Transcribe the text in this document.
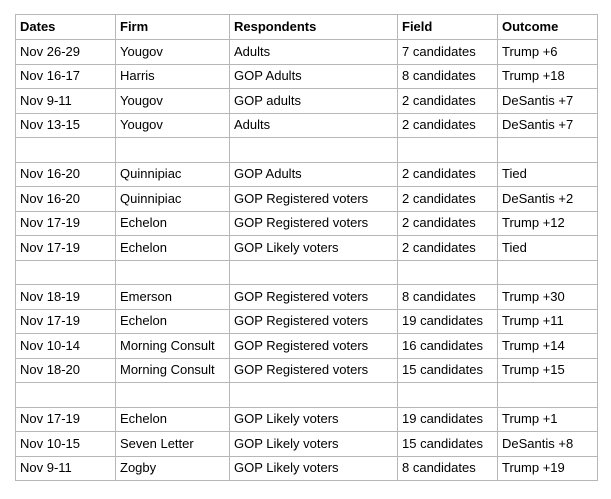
Dates	Firm	Respondents	Field	Outcome
Nov 26-29	Yougov	Adults	7 candidates	Trump +6
Nov 16-17	Harris	GOP Adults	8 candidates	Trump +18
Nov 9-11	Yougov	GOP adults	2 candidates	DeSantis +7
Nov 13-15	Yougov	Adults	2 candidates	DeSantis +7

Nov 16-20	Quinnipiac	GOP Adults	2 candidates	Tied
Nov 16-20	Quinnipiac	GOP Registered voters	2 candidates	DeSantis +2
Nov 17-19	Echelon	GOP Registered voters	2 candidates	Trump +12
Nov 17-19	Echelon	GOP Likely voters	2 candidates	Tied

Nov 18-19	Emerson	GOP Registered voters	8 candidates	Trump +30
Nov 17-19	Echelon	GOP Registered voters	19 candidates	Trump +11
Nov 10-14	Morning Consult	GOP Registered voters	16 candidates	Trump +14
Nov 18-20	Morning Consult	GOP Registered voters	15 candidates	Trump +15

Nov 17-19	Echelon	GOP Likely voters	19 candidates	Trump +1
Nov 10-15	Seven Letter	GOP Likely voters	15 candidates	DeSantis +8
Nov 9-11	Zogby	GOP Likely voters	8 candidates	Trump +19
